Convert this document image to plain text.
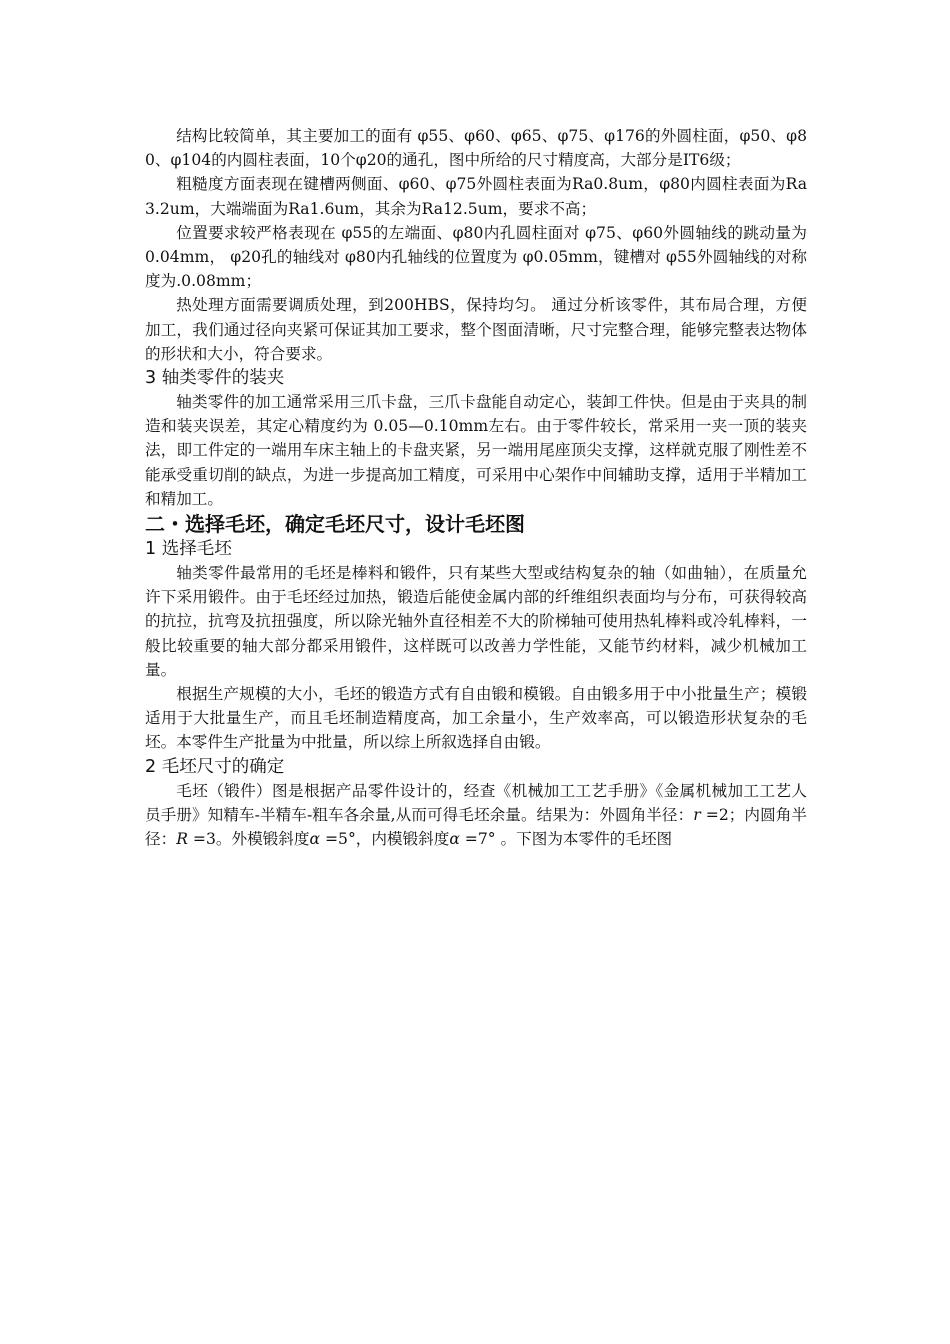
结构比较简单，其主要加工的面有 φ55、φ60、φ65、φ75、φ176的外圆柱面，φ50、φ80、φ104的内圆柱表面，10个φ20的通孔，图中所给的尺寸精度高，大部分是IT6级；

粗糙度方面表现在键槽两侧面、φ60、φ75外圆柱表面为Ra0.8um，φ80内圆柱表面为Ra3.2um，大端端面为Ra1.6um，其余为Ra12.5um，要求不高；

位置要求较严格表现在 φ55的左端面、φ80内孔圆柱面对 φ75、φ60外圆轴线的跳动量为 0.04mm， φ20孔的轴线对 φ80内孔轴线的位置度为 φ0.05mm，键槽对 φ55外圆轴线的对称度为.0.08mm；

热处理方面需要调质处理，到200HBS，保持均匀。 通过分析该零件，其布局合理，方便加工，我们通过径向夹紧可保证其加工要求，整个图面清晰，尺寸完整合理，能够完整表达物体的形状和大小，符合要求。

3 轴类零件的装夹

轴类零件的加工通常采用三爪卡盘，三爪卡盘能自动定心，装卸工件快。但是由于夹具的制造和装夹误差，其定心精度约为 0.05—0.10mm左右。由于零件较长，常采用一夹一顶的装夹法，即工件定的一端用车床主轴上的卡盘夹紧，另一端用尾座顶尖支撑，这样就克服了刚性差不能承受重切削的缺点，为进一步提高加工精度，可采用中心架作中间辅助支撑，适用于半精加工和精加工。

二・选择毛坯，确定毛坯尺寸，设计毛坯图
1 选择毛坯

轴类零件最常用的毛坯是棒料和锻件，只有某些大型或结构复杂的轴（如曲轴），在质量允许下采用锻件。由于毛坯经过加热，锻造后能使金属内部的纤维组织表面均与分布，可获得较高的抗拉，抗弯及抗扭强度，所以除光轴外直径相差不大的阶梯轴可使用热轧棒料或冷轧棒料，一般比较重要的轴大部分都采用锻件，这样既可以改善力学性能，又能节约材料，减少机械加工量。

根据生产规模的大小，毛坯的锻造方式有自由锻和模锻。自由锻多用于中小批量生产；模锻适用于大批量生产，而且毛坯制造精度高，加工余量小，生产效率高，可以锻造形状复杂的毛坯。本零件生产批量为中批量，所以综上所叙选择自由锻。

2 毛坯尺寸的确定

毛坯（锻件）图是根据产品零件设计的，经查《机械加工工艺手册》《金属机械加工工艺人员手册》知精车-半精车-粗车各余量,从而可得毛坯余量。结果为：外圆角半径：r =2；内圆角半径：R =3。外模锻斜度α =5°，内模锻斜度α =7° 。下图为本零件的毛坯图
